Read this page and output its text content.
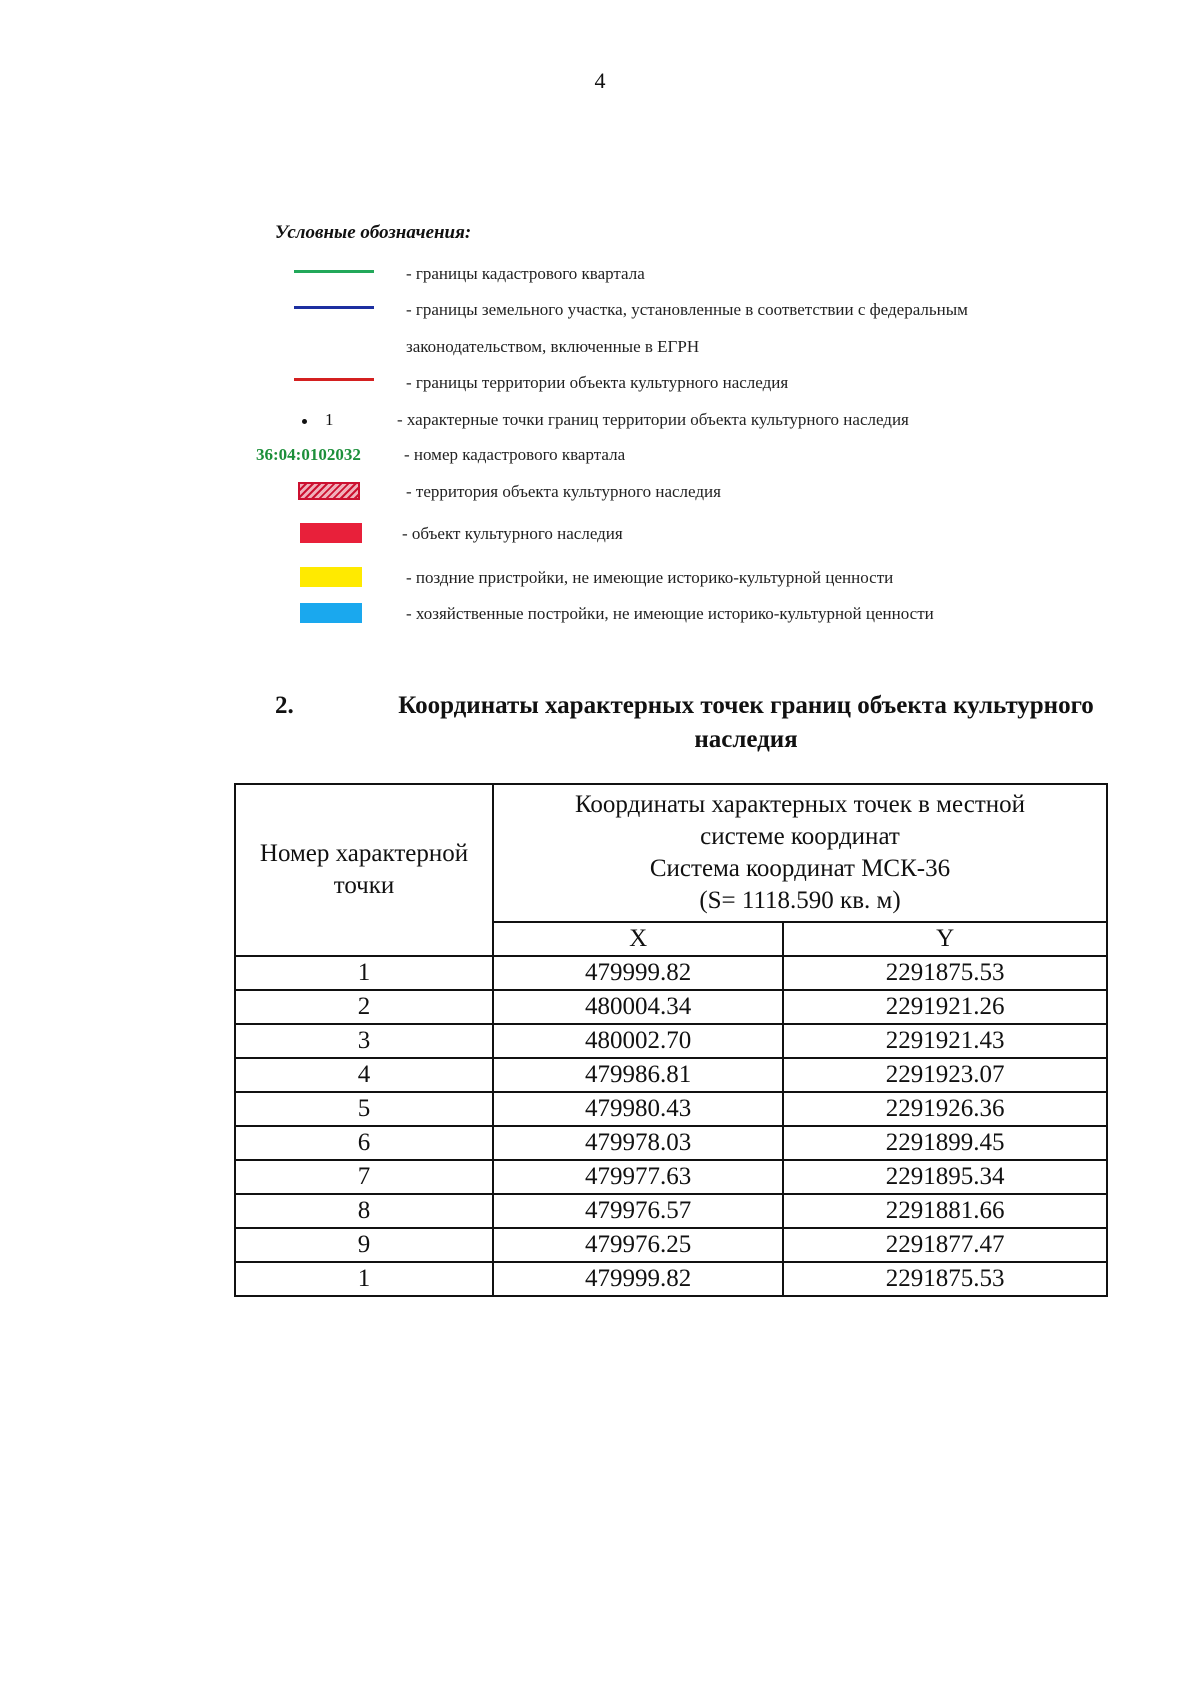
4
Условные обозначения:
1
36:04:0102032
- границы кадастрового квартала
- границы земельного участка, установленные в соответствии с федеральным
законодательством, включенные в ЕГРН
- границы территории объекта культурного наследия
- характерные точки границ территории объекта культурного наследия
- номер кадастрового квартала
- территория объекта культурного наследия
- объект культурного наследия
- поздние пристройки, не имеющие историко-культурной ценности
- хозяйственные постройки, не имеющие историко-культурной ценности
2.	Координаты характерных точек границ объекта культурного наследия
Номер характерной точки	Координаты характерных точек в местной
системе координат
Система координат МСК-36
(S= 1118.590 кв. м)	

	X	Y
1	479999.82	2291875.53
2	480004.34	2291921.26
3	480002.70	2291921.43
4	479986.81	2291923.07
5	479980.43	2291926.36
6	479978.03	2291899.45
7	479977.63	2291895.34
8	479976.57	2291881.66
9	479976.25	2291877.47
1	479999.82	2291875.53
